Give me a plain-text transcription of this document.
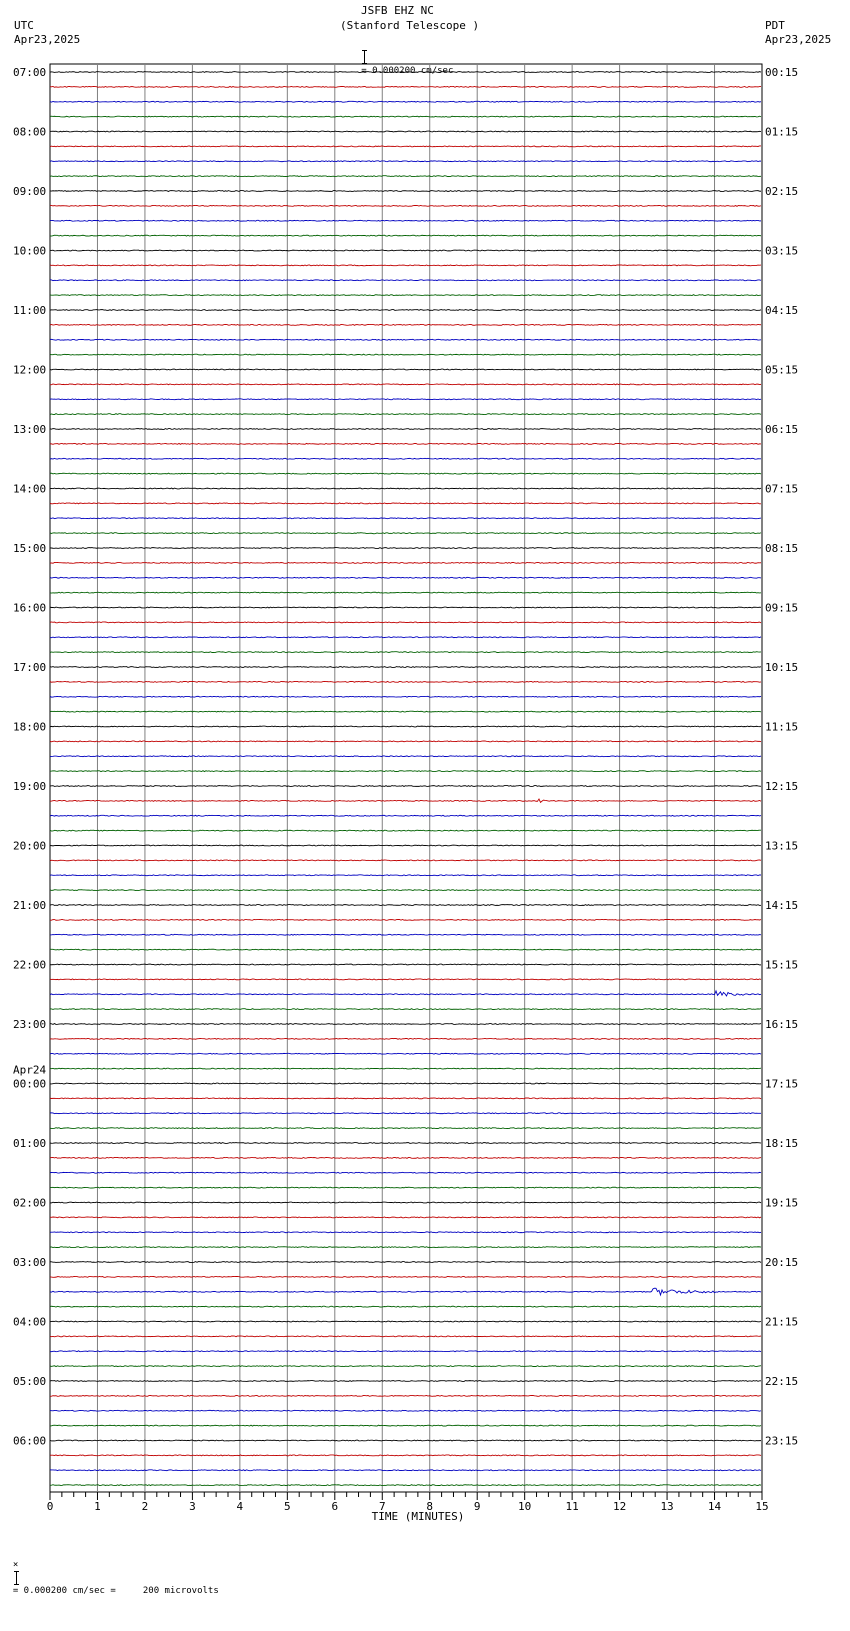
JSFB EHZ NC
(Stanford Telescope )

= 0.000200 cm/sec

UTC
Apr23,2025
PDT
Apr23,2025
07:00	00:15
08:00	01:15
09:00	02:15
10:00	03:15
11:00	04:15
12:00	05:15
13:00	06:15
14:00	07:15
15:00	08:15
16:00	09:15
17:00	10:15
18:00	11:15
19:00	12:15
20:00	13:15
21:00	14:15
22:00	15:15
23:00	16:15
00:00	17:15
01:00	18:15
02:00	19:15
03:00	20:15
04:00	21:15
05:00	22:15
06:00	23:15
Apr24
0	1	2	3	4	5	6	7	8	9	10	11	12	13	14	15
TIME (MINUTES)

×

= 0.000200 cm/sec =     200 microvolts
